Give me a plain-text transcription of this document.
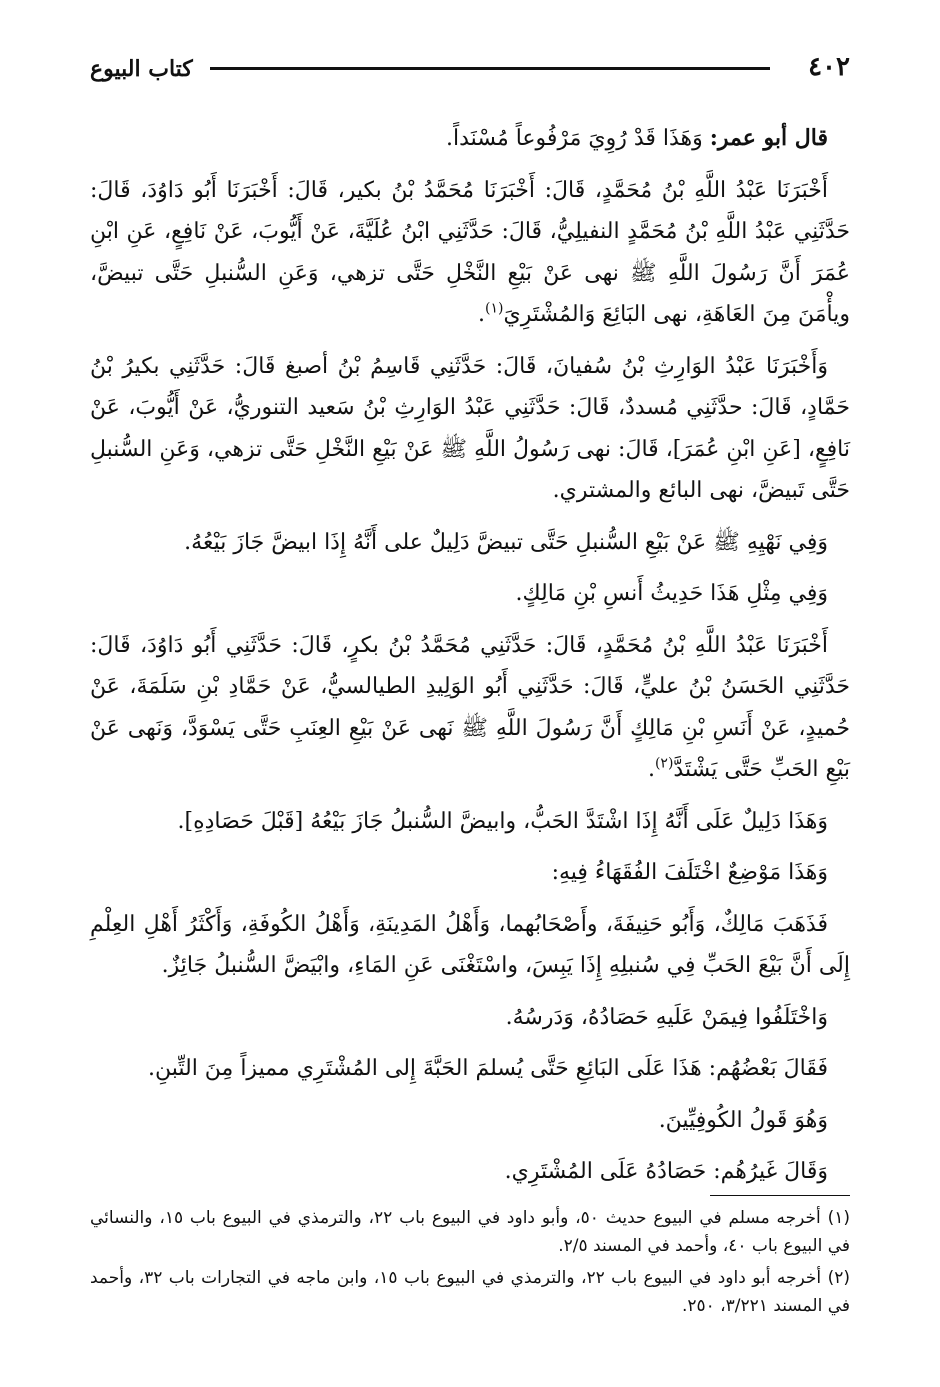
٤٠٢
كتاب البيوع

قال أبو عمر: وَهَذَا قَدْ رُوِيَ مَرْفُوعاً مُسْنَداً.

أَخْبَرَنَا عَبْدُ اللَّهِ بْنُ مُحَمَّدٍ، قَالَ: أَخْبَرَنَا مُحَمَّدُ بْنُ بكير، قَالَ: أَخْبَرَنَا أَبُو دَاوُدَ، قَالَ: حَدَّثَنِي عَبْدُ اللَّهِ بْنُ مُحَمَّدٍ النفيلِيُّ، قَالَ: حَدَّثَنِي ابْنُ عُلَيَّةَ، عَنْ أَيُّوبَ، عَنْ نَافِعٍ، عَنِ ابْنِ عُمَرَ أَنَّ رَسُولَ اللَّهِ ﷺ نهى عَنْ بَيْعِ النَّخْلِ حَتَّى تزهي، وَعَنِ السُّنبلِ حَتَّى تبيضَّ، ويأْمَنَ مِنَ العَاهَةِ، نهى البَائِعَ وَالمُشْتَرِيَ$^{(١)}$.

وَأَخْبَرَنَا عَبْدُ الوَارِثِ بْنُ سُفيانَ، قَالَ: حَدَّثَنِي قَاسِمُ بْنُ أصبغ قَالَ: حَدَّثَنِي بكيرُ بْنُ حَمَّادٍ، قَالَ: حدَّثَنِي مُسددٌ، قَالَ: حَدَّثَنِي عَبْدُ الوَارِثِ بْنُ سَعيد التنوريُّ، عَنْ أَيُّوبَ، عَنْ نَافِعٍ، [عَنِ ابْنِ عُمَرَ]، قَالَ: نهى رَسُولُ اللَّهِ ﷺ عَنْ بَيْعِ النَّخْلِ حَتَّى تزهي، وَعَنِ السُّنبلِ حَتَّى تَبيضَّ، نهى البائع والمشتري.

وَفِي نَهْيِهِ ﷺ عَنْ بَيْعِ السُّنبلِ حَتَّى تبيضَّ دَلِيلٌ على أَنَّهُ إِذَا ابيضَّ جَازَ بَيْعُهُ.

وَفِي مِثْلِ هَذَا حَدِيثُ أَنسِ بْنِ مَالِكٍ.

أَخْبَرَنَا عَبْدُ اللَّهِ بْنُ مُحَمَّدٍ، قَالَ: حَدَّثَنِي مُحَمَّدُ بْنُ بكرٍ، قَالَ: حَدَّثَنِي أَبُو دَاوُدَ، قَالَ: حَدَّثَنِي الحَسَنُ بْنُ عليٍّ، قَالَ: حَدَّثَنِي أَبُو الوَلِيدِ الطيالسيُّ، عَنْ حَمَّادِ بْنِ سَلَمَةَ، عَنْ حُميدٍ، عَنْ أَنَسِ بْنِ مَالِكٍ أَنَّ رَسُولَ اللَّهِ ﷺ نَهى عَنْ بَيْعِ العِنَبِ حَتَّى يَسْوَدَّ، وَنَهى عَنْ بَيْعِ الحَبِّ حَتَّى يَشْتَدَّ$^{(٢)}$.

وَهَذَا دَلِيلٌ عَلَى أَنَّهُ إِذَا اشْتَدَّ الحَبُّ، وابيضَّ السُّنبلُ جَازَ بَيْعُهُ [قَبْلَ حَصَادِهِ].

وَهَذَا مَوْضِعٌ اخْتَلَفَ الفُقَهَاءُ فِيهِ:

فَذَهَبَ مَالِكٌ، وَأَبُو حَنِيفَةَ، وأَصْحَابُهما، وَأَهْلُ المَدِينَةِ، وَأَهْلُ الكُوفَةِ، وَأَكْثَرُ أَهْلِ العِلْمِ إِلَى أَنَّ بَيْعَ الحَبِّ فِي سُنبلِهِ إِذَا يَبِسَ، واسْتَغْنَى عَنِ المَاءِ، وابْيَضَّ السُّنبلُ جَائِزٌ.

وَاخْتَلَفُوا فِيمَنْ عَلَيهِ حَصَادُهُ، وَدَرسُهُ.

فَقَالَ بَعْضُهُم: هَذَا عَلَى البَائِعِ حَتَّى يُسلمَ الحَبَّةَ إِلى المُشْتَرِي مميزاً مِنَ التِّبنِ.

وَهُوَ قَولُ الكُوفِيِّينَ.

وَقَالَ غَيرُهُم: حَصَادُهُ عَلَى المُشْتَرِي.

(١) أخرجه مسلم في البيوع حديث ٥٠، وأبو داود في البيوع باب ٢٢، والترمذي في البيوع باب ١٥، والنسائي في البيوع باب ٤٠، وأحمد في المسند ٢/٥.

(٢) أخرجه أبو داود في البيوع باب ٢٢، والترمذي في البيوع باب ١٥، وابن ماجه في التجارات باب ٣٢، وأحمد في المسند ٣/٢٢١، ٢٥٠.
